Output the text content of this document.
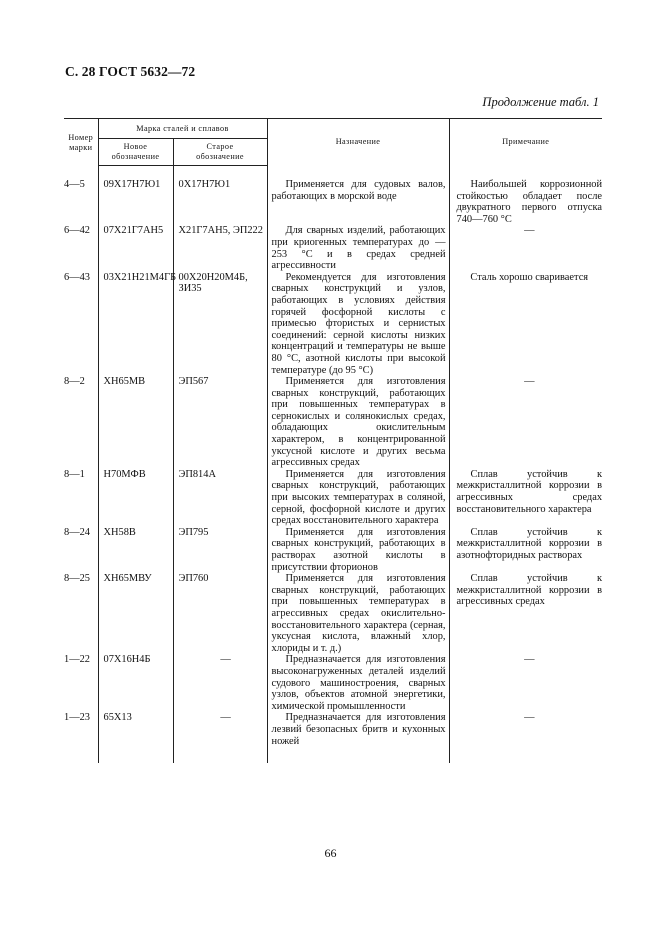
С. 28 ГОСТ 5632—72
Продолжение табл. 1
Номер
марки	Марка сталей и сплавов		Назначение	Примечание

	Новое
обозначение	Старое
обозначение		

4—5	09Х17Н7Ю1	0Х17Н7Ю1	Применяется для судовых валов, работающих в морской воде	Наибольшей коррозионной стойкостью обладает после двукратного первого отпуска 740—760 °С

6—42	07Х21Г7АН5	Х21Г7АН5, ЭП222	Для сварных изделий, работающих при криогенных температурах до — 253 °С и в средах средней агрессивности	—
6—43	03Х21Н21М4ГБ	00Х20Н20М4Б, ЗИ35	Рекомендуется для изготовления сварных конструкций и узлов, работающих в условиях действия горячей фосфорной кислоты с примесью фтористых и сернистых соединений: серной кислоты низких концентраций и температуры не выше 80 °С, азотной кислоты при высокой температуре (до 95 °С)	Сталь хорошо сваривается
8—2	ХН65МВ	ЭП567	Применяется для изготовления сварных конструкций, работающих при повышенных температурах в сернокислых и солянокислых средах, обладающих окислительным характером, в концентрированной уксусной кислоте и других весьма агрессивных средах	—
8—1	Н70МФВ	ЭП814А	Применяется для изготовления сварных конструкций, работающих при высоких температурах в соляной, серной, фосфорной кислоте и других средах восстановительного характера	Сплав устойчив к межкристаллитной коррозии в агрессивных средах восстановительного характера

8—24	ХН58В	ЭП795	Применяется для изготовления сварных конструкций, работающих в растворах азотной кислоты в присутствии фторионов	Сплав устойчив к межкристаллитной коррозии в азотнофторидных растворах

8—25	ХН65МВУ	ЭП760	Применяется для изготовления сварных конструкций, работающих при повышенных температурах в агрессивных средах окислительно-восстановительного характера (серная, уксусная кислота, влажный хлор, хлориды и т. д.)	Сплав устойчив к межкристаллитной коррозии в агрессивных средах

1—22	07Х16Н4Б	—	Предназначается для изготовления высоконагруженных деталей изделий судового машиностроения, сварных узлов, объектов атомной энергетики, химической промышленности	—
1—23	65Х13	—	Предназначается для изготовления лезвий безопасных бритв и кухонных ножей	—
66
